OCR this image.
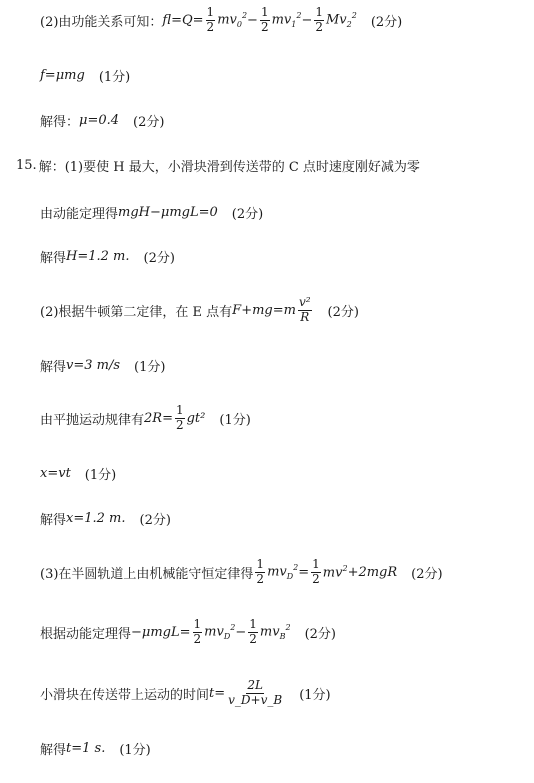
(2)由功能关系可知： $fl=Q= \frac{1}{2} mv_0^2 - \frac{1}{2} mv_1^2 - \frac{1}{2} Mv_2^2$ (2分)
f=μmg (1分)
解得： μ=0.4 (2分)
15. 解：(1)要使 H 最大，小滑块滑到传送带的 C 点时速度刚好减为零
由动能定理得 mgH−μmgL=0 (2分)
解得 H=1.2 m. (2分)
(2)根据牛顿第二定律，在 E 点有 $F+mg=m \frac{\text{v²}}{R} (2$分)
解得 v=3 m/s (1分)
由平抛运动规律有 $2R= \frac{1}{2} gt^2$ (1分)
x=vt (1分)
解得 x=1.2 m. (2分)
(3)在半圆轨道上由机械能守恒定律得 $\frac{1}{2} mv_D^2 = \frac{1}{2} mv^2 +2mgR$ (2分)
根据动能定理得 $-\mu mgL= \frac{1}{2} mv_D^2 - \frac{1}{2} mv_B^2$ (2分)
小滑块在传送带上运动的时间 $t= \frac{2L}{v\_D+v\_B} (1$分)
解得 t=1 s. (1分)
